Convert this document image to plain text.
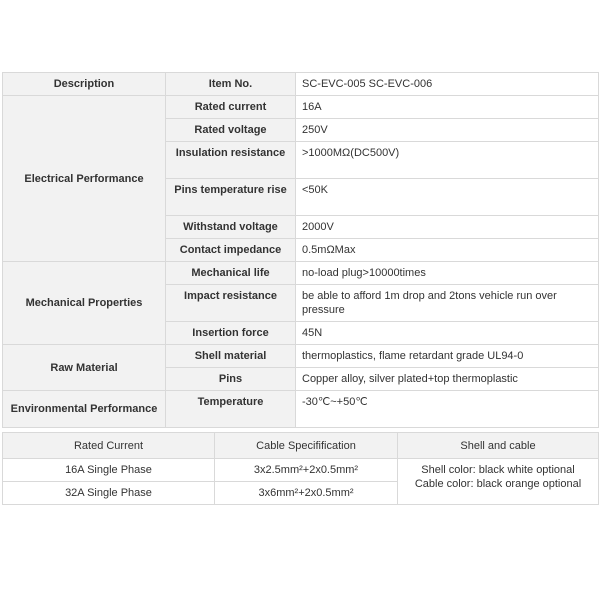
Description	Item No.	SC-EVC-005 SC-EVC-006
Electrical Performance	Rated current	16A
	Rated voltage	250V
	Insulation resistance	>1000MΩ(DC500V)
	Pins temperature rise	<50K
	Withstand voltage	2000V
	Contact impedance	0.5mΩMax
Mechanical Properties	Mechanical life	no-load plug>10000times
	Impact resistance	be able to afford 1m drop and 2tons vehicle run over pressure
	Insertion force	45N
Raw Material	Shell material	thermoplastics, flame retardant grade UL94-0
	Pins	Copper alloy, silver plated+top thermoplastic
Environmental Performance	Temperature	-30℃~+50℃
Rated Current	Cable Specifification	Shell and cable
16A Single Phase	3x2.5mm²+2x0.5mm²	Shell color: black white optional
Cable color: black orange optional

32A Single Phase	3x6mm²+2x0.5mm²	
